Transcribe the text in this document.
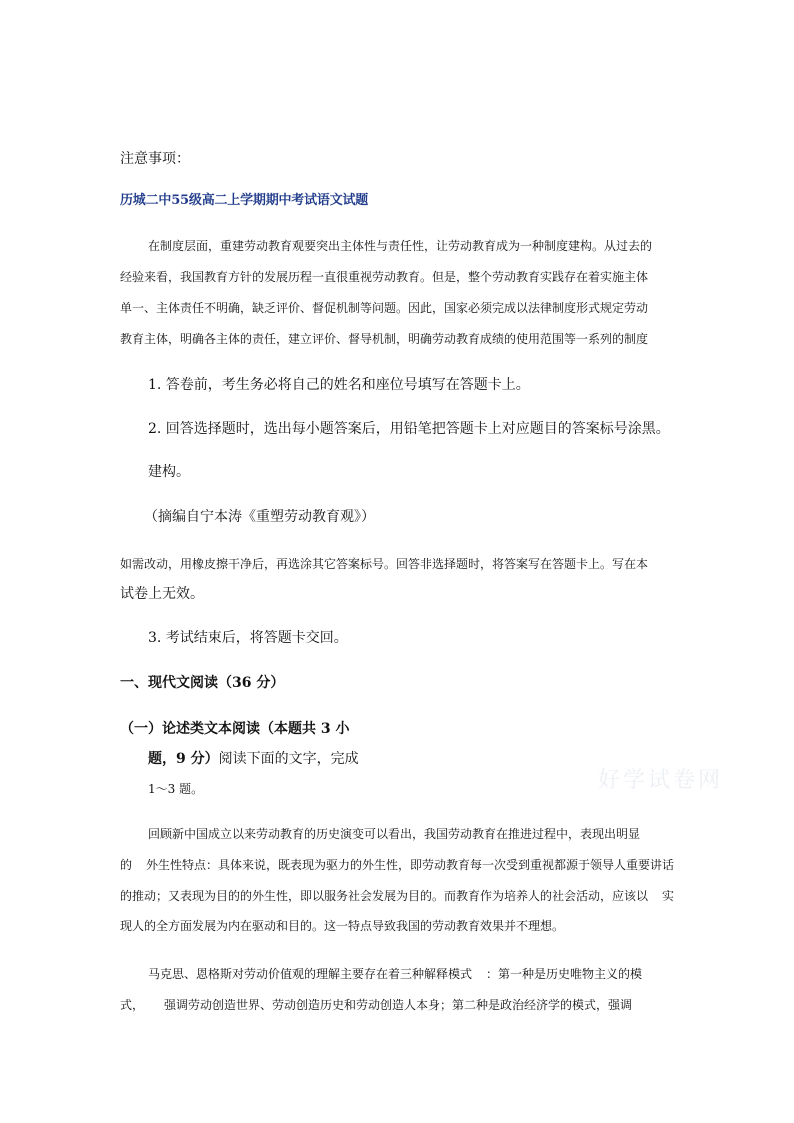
注意事项：
历城二中55级高二上学期期中考试语文试题
在制度层面，重建劳动教育观要突出主体性与责任性，让劳动教育成为一种制度建构。从过去的
经验来看，我国教育方针的发展历程一直很重视劳动教育。但是，整个劳动教育实践存在着实施主体
单一、主体责任不明确，缺乏评价、督促机制等问题。因此，国家必须完成以法律制度形式规定劳动
教育主体，明确各主体的责任，建立评价、督导机制，明确劳动教育成绩的使用范围等一系列的制度
1. 答卷前，考生务必将自己的姓名和座位号填写在答题卡上。
2. 回答选择题时，选出每小题答案后，用铅笔把答题卡上对应题目的答案标号涂黑。
建构。
（摘编自宁本涛《重塑劳动教育观》）
如需改动，用橡皮擦干净后，再选涂其它答案标号。回答非选择题时，将答案写在答题卡上。写在本
试卷上无效。
3. 考试结束后，将答题卡交回。
一、现代文阅读（36 分）
（一）论述类文本阅读（本题共 3 小
题，9 分）阅读下面的文字，完成
1～3 题。	好学试卷网
回顾新中国成立以来劳动教育的历史演变可以看出，我国劳动教育在推进过程中，表现出明显
的 外生性特点：具体来说，既表现为驱力的外生性，即劳动教育每一次受到重视都源于领导人重要讲话
的推动；又表现为目的的外生性，即以服务社会发展为目的。而教育作为培养人的社会活动，应该以 实
现人的全方面发展为内在驱动和目的。这一特点导致我国的劳动教育效果并不理想。
马克思、恩格斯对劳动价值观的理解主要存在着三种解释模式 ：第一种是历史唯物主义的模
式， 强调劳动创造世界、劳动创造历史和劳动创造人本身；第二种是政治经济学的模式，强调
